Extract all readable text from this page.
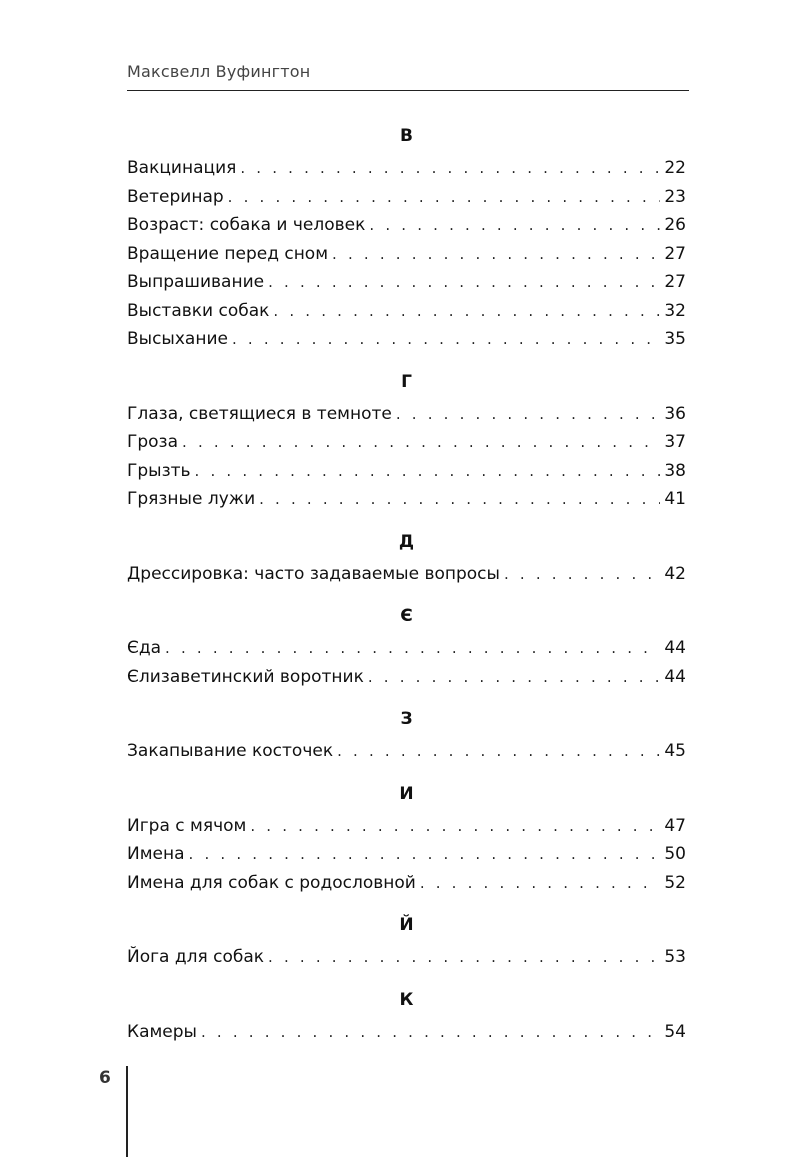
Максвелл Вуфингтон
В
Вакцинация . . .	22
Ветеринар . . .	23
Возраст: собака и человек . . .	26
Вращение перед сном . . .	27
Выпрашивание . . .	27
Выставки собак . . .	32
Высыхание . . .	35
Г
Глаза, светящиеся в темноте . . .	36
Гроза . . .	37
Грызть . . .	38
Грязные лужи . . .	41
Д
Дрессировка: часто задаваемые вопросы . . .	42
Є
Єда . . .	44
Єлизаветинский воротник . . .	44
З
Закапывание косточек . . .	45
И
Игра с мячом . . .	47
Имена . . .	50
Имена для собак с родословной . . .	52
Й
Йога для собак . . .	53
К
Камеры . . .	54
6
